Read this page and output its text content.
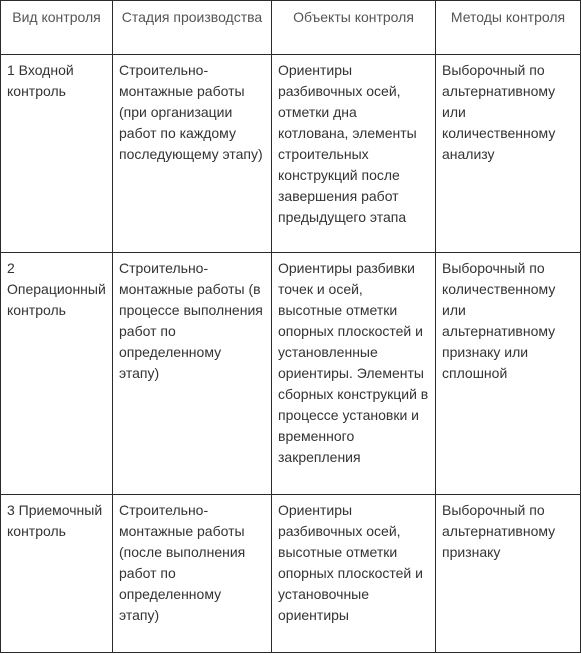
Вид контроля	Стадия производства	Объекты контроля	Методы контроля
1 Входной контроль	Строительно-монтажные работы (при организации работ по каждому последующему этапу)	Ориентиры разбивочных осей, отметки дна котлована, элементы строительных конструкций после завершения работ предыдущего этапа	Выборочный по альтернативному или количественному анализу
2 Операционный контроль	Строительно-монтажные работы (в процессе выполнения работ по определенному этапу)	Ориентиры разбивки точек и осей, высотные отметки опорных плоскостей и установленные ориентиры. Элементы сборных конструкций в процессе установки и временного закрепления	Выборочный по количественному или альтернативному признаку или сплошной
3 Приемочный контроль	Строительно-монтажные работы (после выполнения работ по определенному этапу)	Ориентиры разбивочных осей, высотные отметки опорных плоскостей и установочные ориентиры	Выборочный по альтернативному признаку
